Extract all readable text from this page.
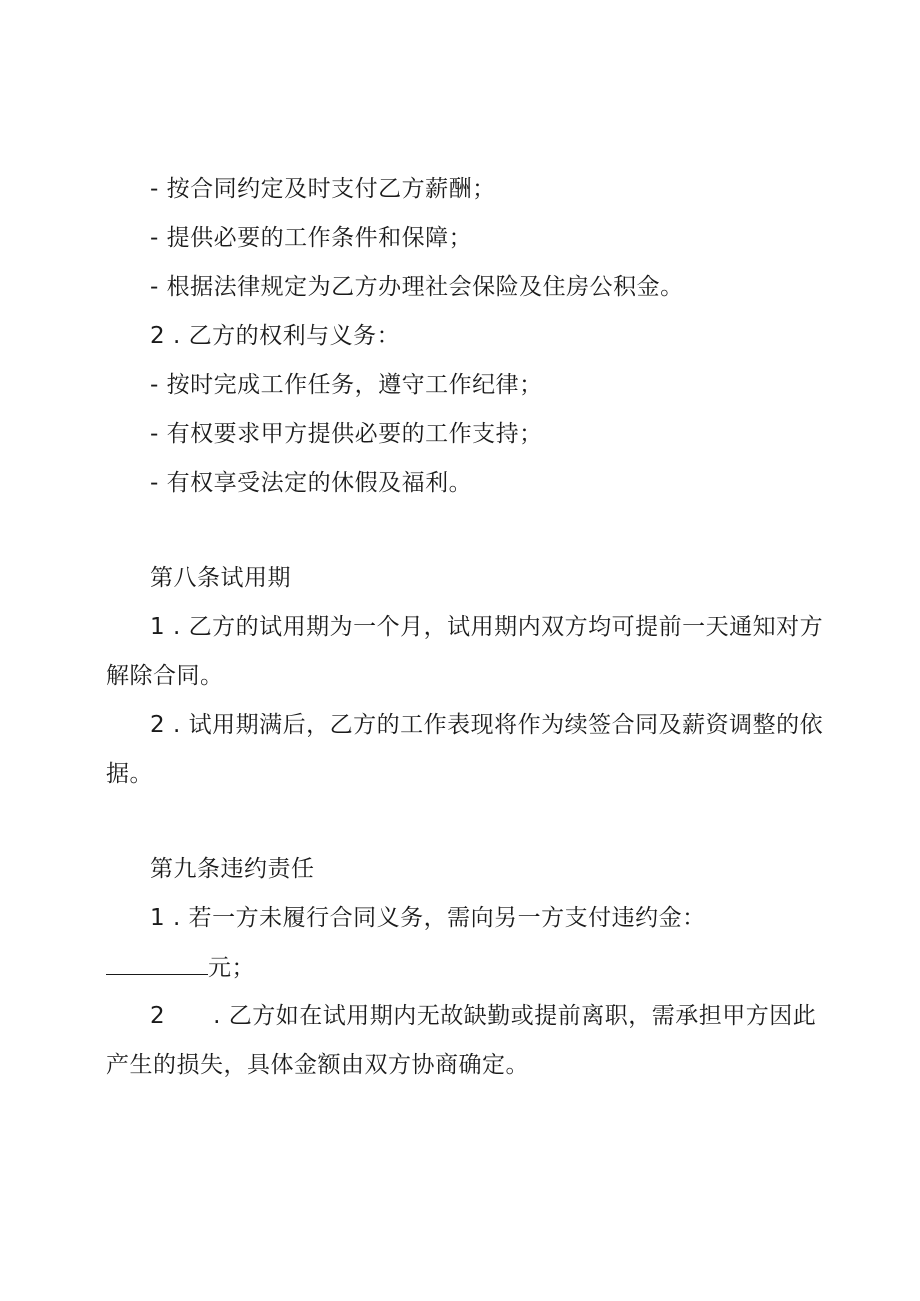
- 按合同约定及时支付乙方薪酬；
- 提供必要的工作条件和保障；
- 根据法律规定为乙方办理社会保险及住房公积金。
2 . 乙方的权利与义务：
- 按时完成工作任务，遵守工作纪律；
- 有权要求甲方提供必要的工作支持；
- 有权享受法定的休假及福利。
第八条试用期
1 . 乙方的试用期为一个月，试用期内双方均可提前一天通知对方
解除合同。
2 . 试用期满后，乙方的工作表现将作为续签合同及薪资调整的依
据。
第九条违约责任
1 . 若一方未履行合同义务，需向另一方支付违约金：
元；
2 . 乙方如在试用期内无故缺勤或提前离职，需承担甲方因此
产生的损失，具体金额由双方协商确定。
